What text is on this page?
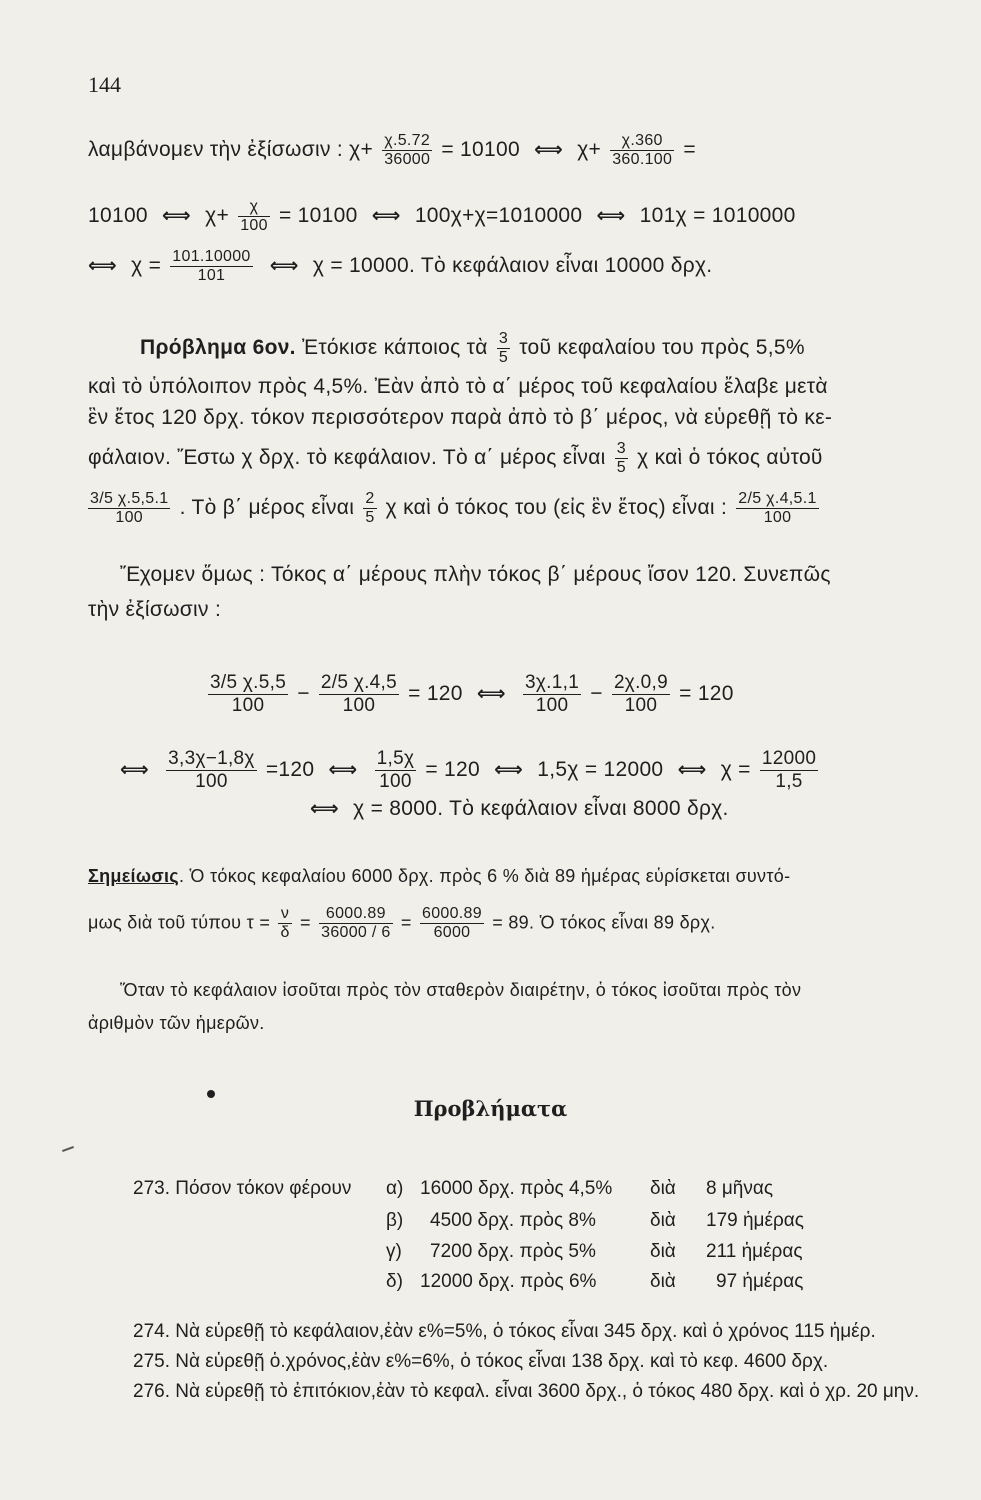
144
λαμβάνομεν τὴν ἐξίσωσιν : $\chi+ \frac{\chi.5.72}{36000} = 10100$ ⟺ $\chi+ \frac{\chi.360}{360.100}$ =
10100 ⟺ $\chi+ \frac{\chi}{100} = 10100$ ⟺ 100χ+χ=1010000 ⟺ 101χ = 1010000
⟺ $\chi = \frac{101.10000}{101}$ ⟺ χ = 10000. Τὸ κεφάλαιον εἶναι 10000 δρχ.
Πρόβλημα 6ον. Ἐτόκισε κάποιος τὰ $\frac{3}{5}$ τοῦ κεφαλαίου του πρὸς 5,5%
καὶ τὸ ὑπόλοιπον πρὸς 4,5%. Ἐὰν ἀπὸ τὸ α΄ μέρος τοῦ κεφαλαίου ἔλαβε μετὰ
ἓν ἔτος 120 δρχ. τόκον περισσότερον παρὰ ἀπὸ τὸ β΄ μέρος, νὰ εὑρεθῇ τὸ κε-
φάλαιον. Ἔστω χ δρχ. τὸ κεφάλαιον. Τὸ α΄ μέρος εἶναι $\frac{3}{5}$ χ καὶ ὁ τόκος αὐτοῦ
$\frac{3/5 \chi.5,5.1}{100}$ . Τὸ β΄ μέρος εἶναι $\frac{2}{5}$ χ καὶ ὁ τόκος του (εἰς ἓν ἔτος) εἶναι : $\frac{2/5 \chi.4,5.1}{100}$
Ἔχομεν ὅμως : Τόκος α΄ μέρους πλὴν τόκος β΄ μέρους ἴσον 120. Συνεπῶς
τὴν ἐξίσωσιν :
$\frac{3/5 \chi.5,5}{100} - \frac{2/5 \chi.4,5}{100} = 120$ ⟺ $\frac{3\chi.1,1}{100} - \frac{2\chi.0,9}{100} = 120$
⟺ $\frac{3,3\chi-1,8\chi}{100} =120$ ⟺ $\frac{1,5\chi}{100} = 120$ ⟺ 1,5χ = 12000 ⟺ $\chi = \frac{12000}{1,5}$
⟺ χ = 8000. Τὸ κεφάλαιον εἶναι 8000 δρχ.
Σημείωσις. Ὁ τόκος κεφαλαίου 6000 δρχ. πρὸς 6 % διὰ 89 ἡμέρας εὑρίσκεται συντό-
μως διὰ τοῦ τύπου $\tau = \frac{\nu}{\delta} = \frac{6000.89}{36000 / 6} = \frac{6000.89}{6000} = 89$. Ὁ τόκος εἶναι 89 δρχ.
Ὅταν τὸ κεφάλαιον ἰσοῦται πρὸς τὸν σταθερὸν διαιρέτην, ὁ τόκος ἰσοῦται πρὸς τὸν
ἀριθμὸν τῶν ἡμερῶν.
Προβλήματα
273. Πόσον τόκον φέρουν α) 16000 δρχ. πρὸς 4,5% διὰ 8 μῆνας
β) 4500 δρχ. πρὸς 8%	διὰ 179 ἡμέρας
γ) 7200 δρχ. πρὸς 5%	διὰ 211 ἡμέρας
δ) 12000 δρχ. πρὸς 6%	διὰ 97 ἡμέρας
274. Νὰ εὑρεθῇ τὸ κεφάλαιον,ἐὰν ε%=5%, ὁ τόκος εἶναι 345 δρχ. καὶ ὁ χρόνος 115 ἡμέρ.
275. Νὰ εὑρεθῇ ὁ.χρόνος,ἐὰν ε%=6%, ὁ τόκος εἶναι 138 δρχ. καὶ τὸ κεφ. 4600 δρχ.
276. Νὰ εὑρεθῇ τὸ ἐπιτόκιον,ἐὰν τὸ κεφαλ. εἶναι 3600 δρχ., ὁ τόκος 480 δρχ. καὶ ὁ χρ. 20 μην.
